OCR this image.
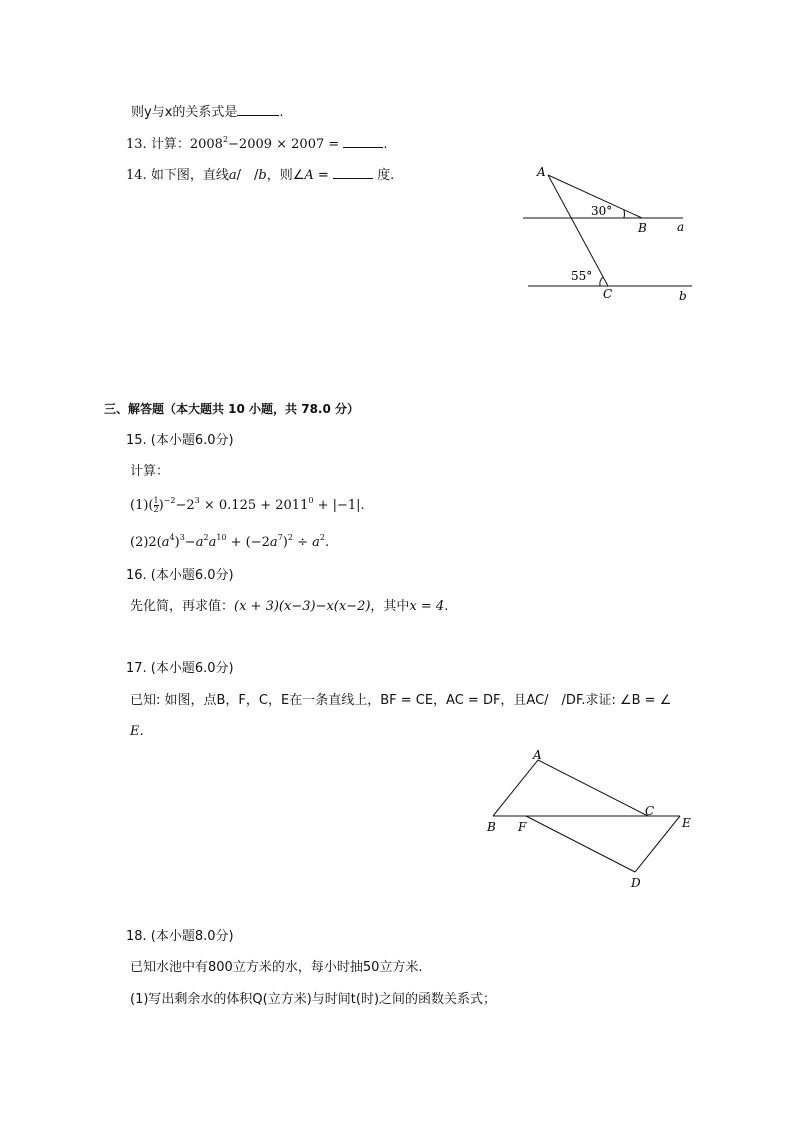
则y与x的关系式是	.
13. 计算：$2008^2-2009 \times 2007$ =	.
14. 如下图，直线a/　/b，则∠A =	度.	A
B	a
C	b
30°
55°
三、解答题（本大题共 10 小题，共 78.0 分）
15. (本小题6.0分)
计算：
$(1)( \frac{1}{2} )^{-2}-2^3 \times 0.125 + 2011^0 + |-1|$.
$(2)2(a^4)^3-a^2a^{10} + (-2a^7)^2 \div a^2$.
16. (本小题6.0分)
先化简，再求值：(x + 3)(x−3)−x(x−2)，其中x = 4.
17. (本小题6.0分)
已知: 如图，点B，F，C，E在一条直线上，BF = CE，AC = DF，且AC/　/DF.求证: ∠B = ∠
E.
A
B F
C
E
D
18. (本小题8.0分)
已知水池中有800立方米的水，每小时抽50立方米.
(1)写出剩余水的体积Q(立方米)与时间t(时)之间的函数关系式；
